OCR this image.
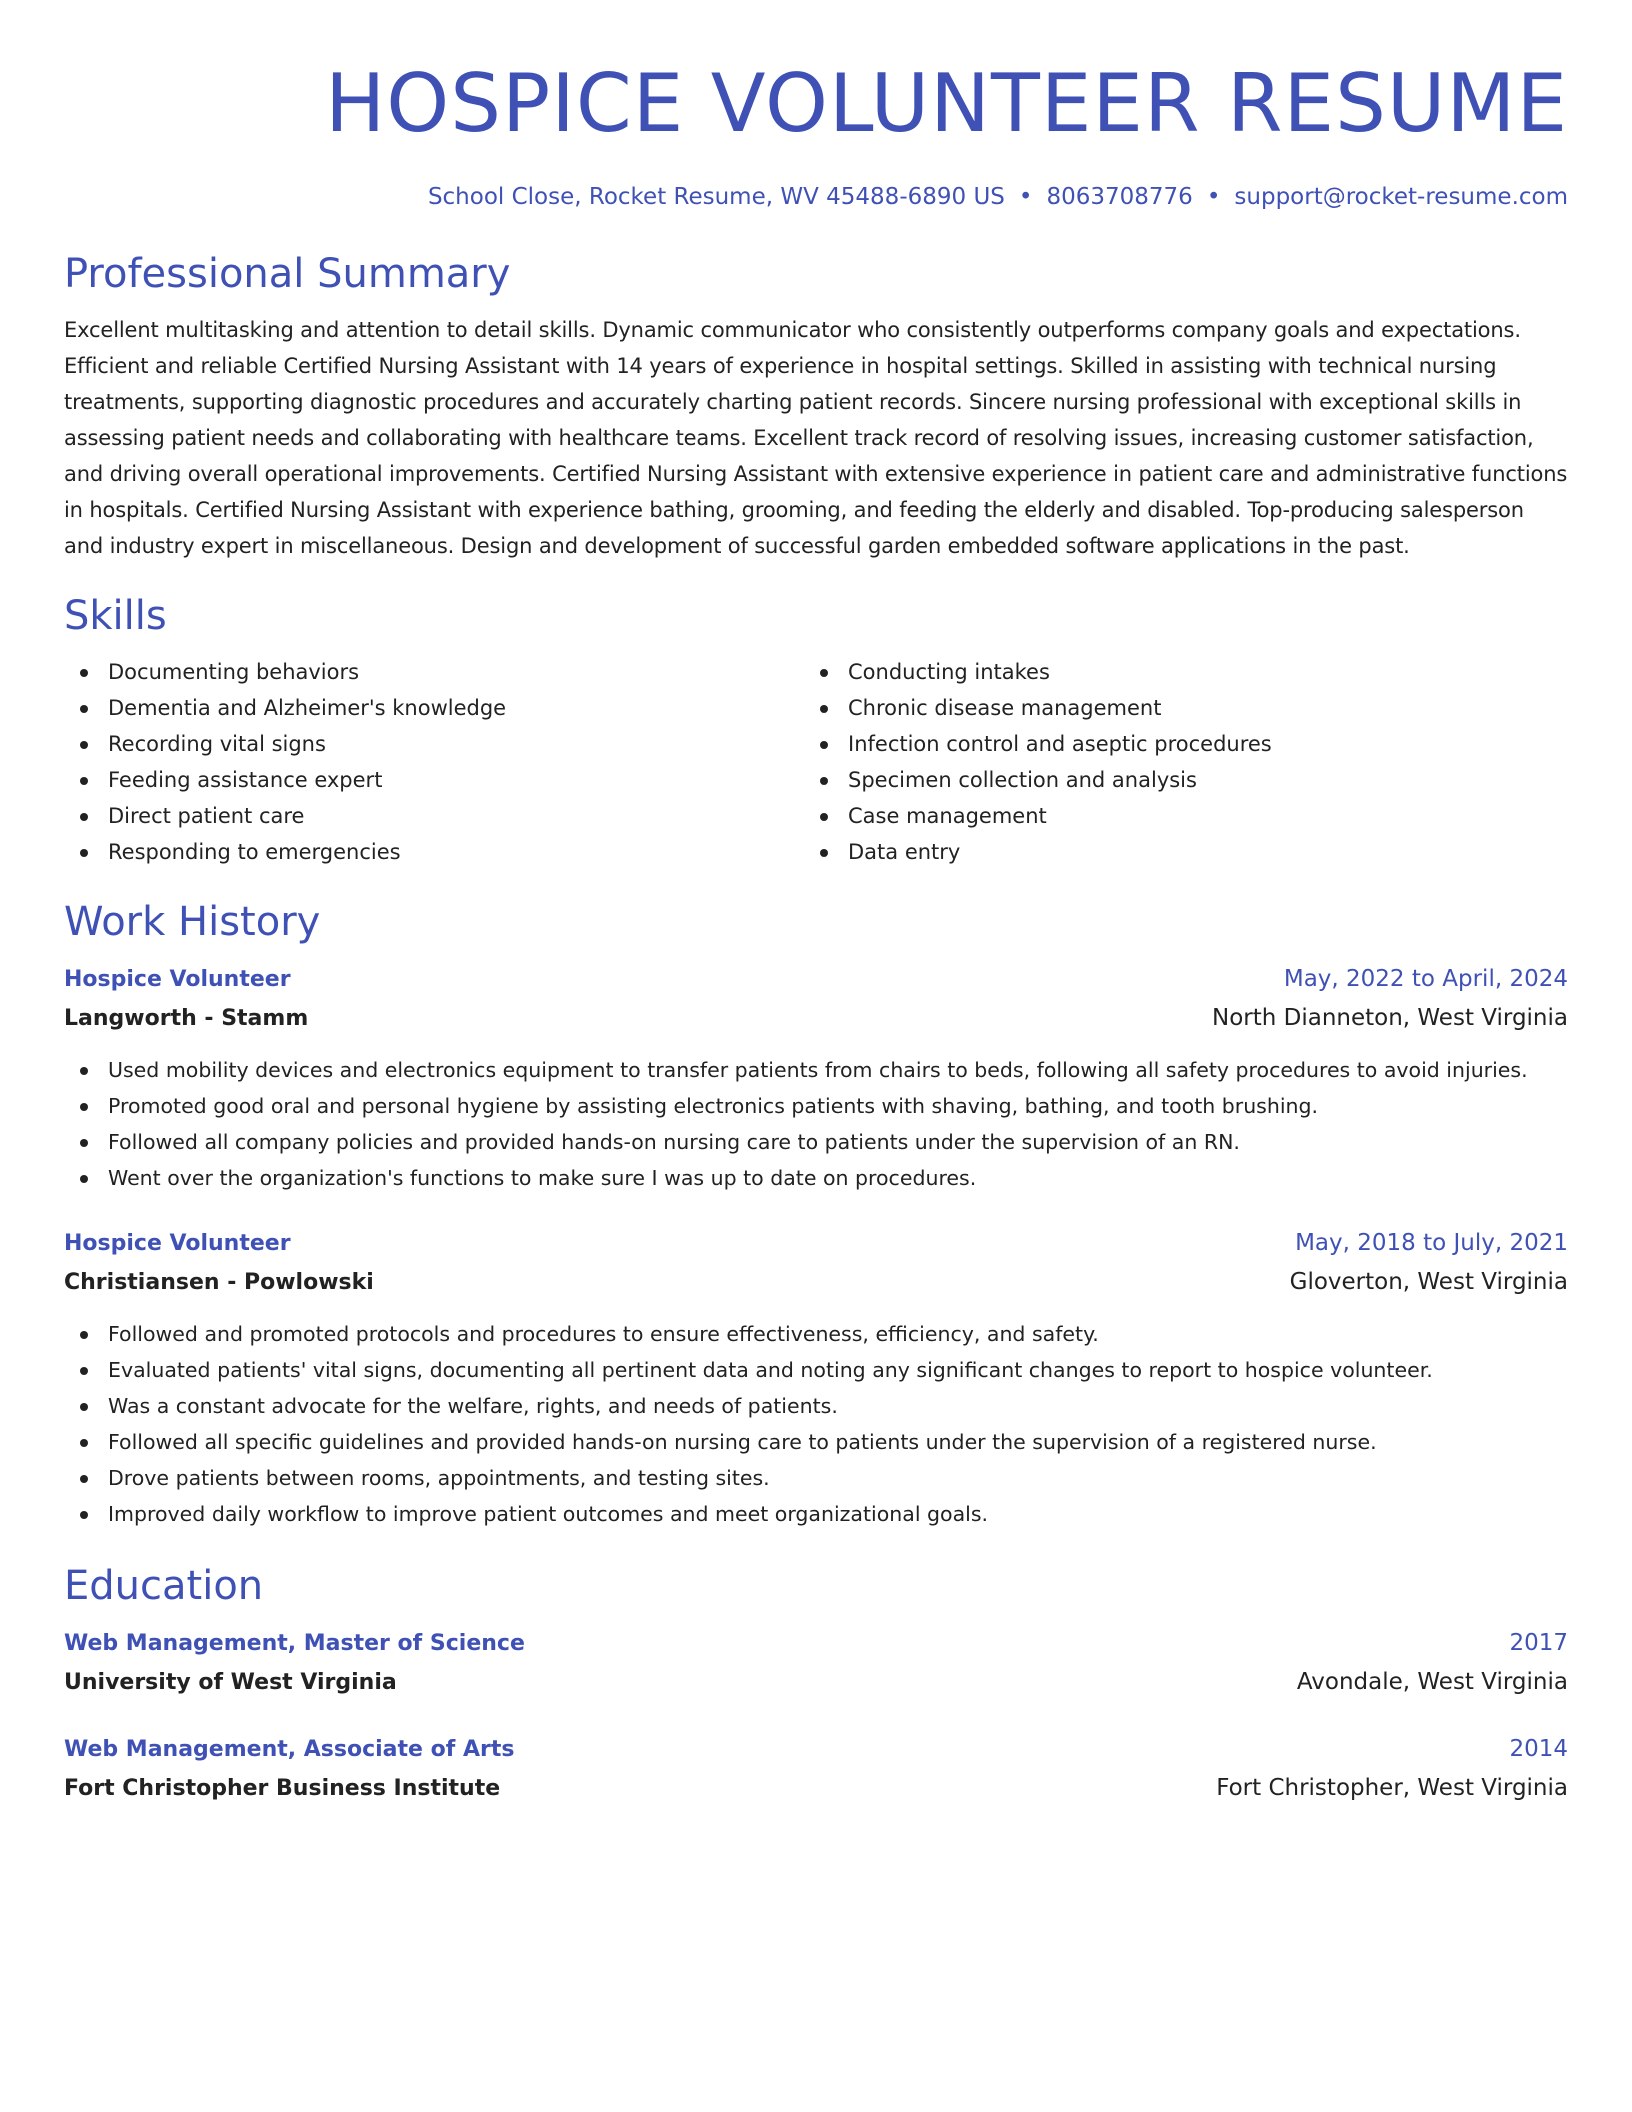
HOSPICE VOLUNTEER RESUME
School Close, Rocket Resume, WV 45488-6890 US • 8063708776 • support@rocket-resume.com
Professional Summary
Excellent multitasking and attention to detail skills. Dynamic communicator who consistently outperforms company goals and expectations. Efficient and reliable Certified Nursing Assistant with 14 years of experience in hospital settings. Skilled in assisting with technical nursing treatments, supporting diagnostic procedures and accurately charting patient records. Sincere nursing professional with exceptional skills in assessing patient needs and collaborating with healthcare teams. Excellent track record of resolving issues, increasing customer satisfaction, and driving overall operational improvements. Certified Nursing Assistant with extensive experience in patient care and administrative functions in hospitals. Certified Nursing Assistant with experience bathing, grooming, and feeding the elderly and disabled. Top-producing salesperson and industry expert in miscellaneous. Design and development of successful garden embedded software applications in the past.
Skills
Documenting behaviors
Dementia and Alzheimer's knowledge
Recording vital signs
Feeding assistance expert
Direct patient care
Responding to emergencies
Conducting intakes
Chronic disease management
Infection control and aseptic procedures
Specimen collection and analysis
Case management
Data entry
Work History
Hospice Volunteer	May, 2022 to April, 2024
Langworth - Stamm	North Dianneton, West Virginia
Used mobility devices and electronics equipment to transfer patients from chairs to beds, following all safety procedures to avoid injuries.
Promoted good oral and personal hygiene by assisting electronics patients with shaving, bathing, and tooth brushing.
Followed all company policies and provided hands-on nursing care to patients under the supervision of an RN.
Went over the organization's functions to make sure I was up to date on procedures.
Hospice Volunteer	May, 2018 to July, 2021
Christiansen - Powlowski	Gloverton, West Virginia
Followed and promoted protocols and procedures to ensure effectiveness, efficiency, and safety.
Evaluated patients' vital signs, documenting all pertinent data and noting any significant changes to report to hospice volunteer.
Was a constant advocate for the welfare, rights, and needs of patients.
Followed all specific guidelines and provided hands-on nursing care to patients under the supervision of a registered nurse.
Drove patients between rooms, appointments, and testing sites.
Improved daily workflow to improve patient outcomes and meet organizational goals.
Education
Web Management, Master of Science	2017
University of West Virginia	Avondale, West Virginia
Web Management, Associate of Arts	2014
Fort Christopher Business Institute	Fort Christopher, West Virginia
